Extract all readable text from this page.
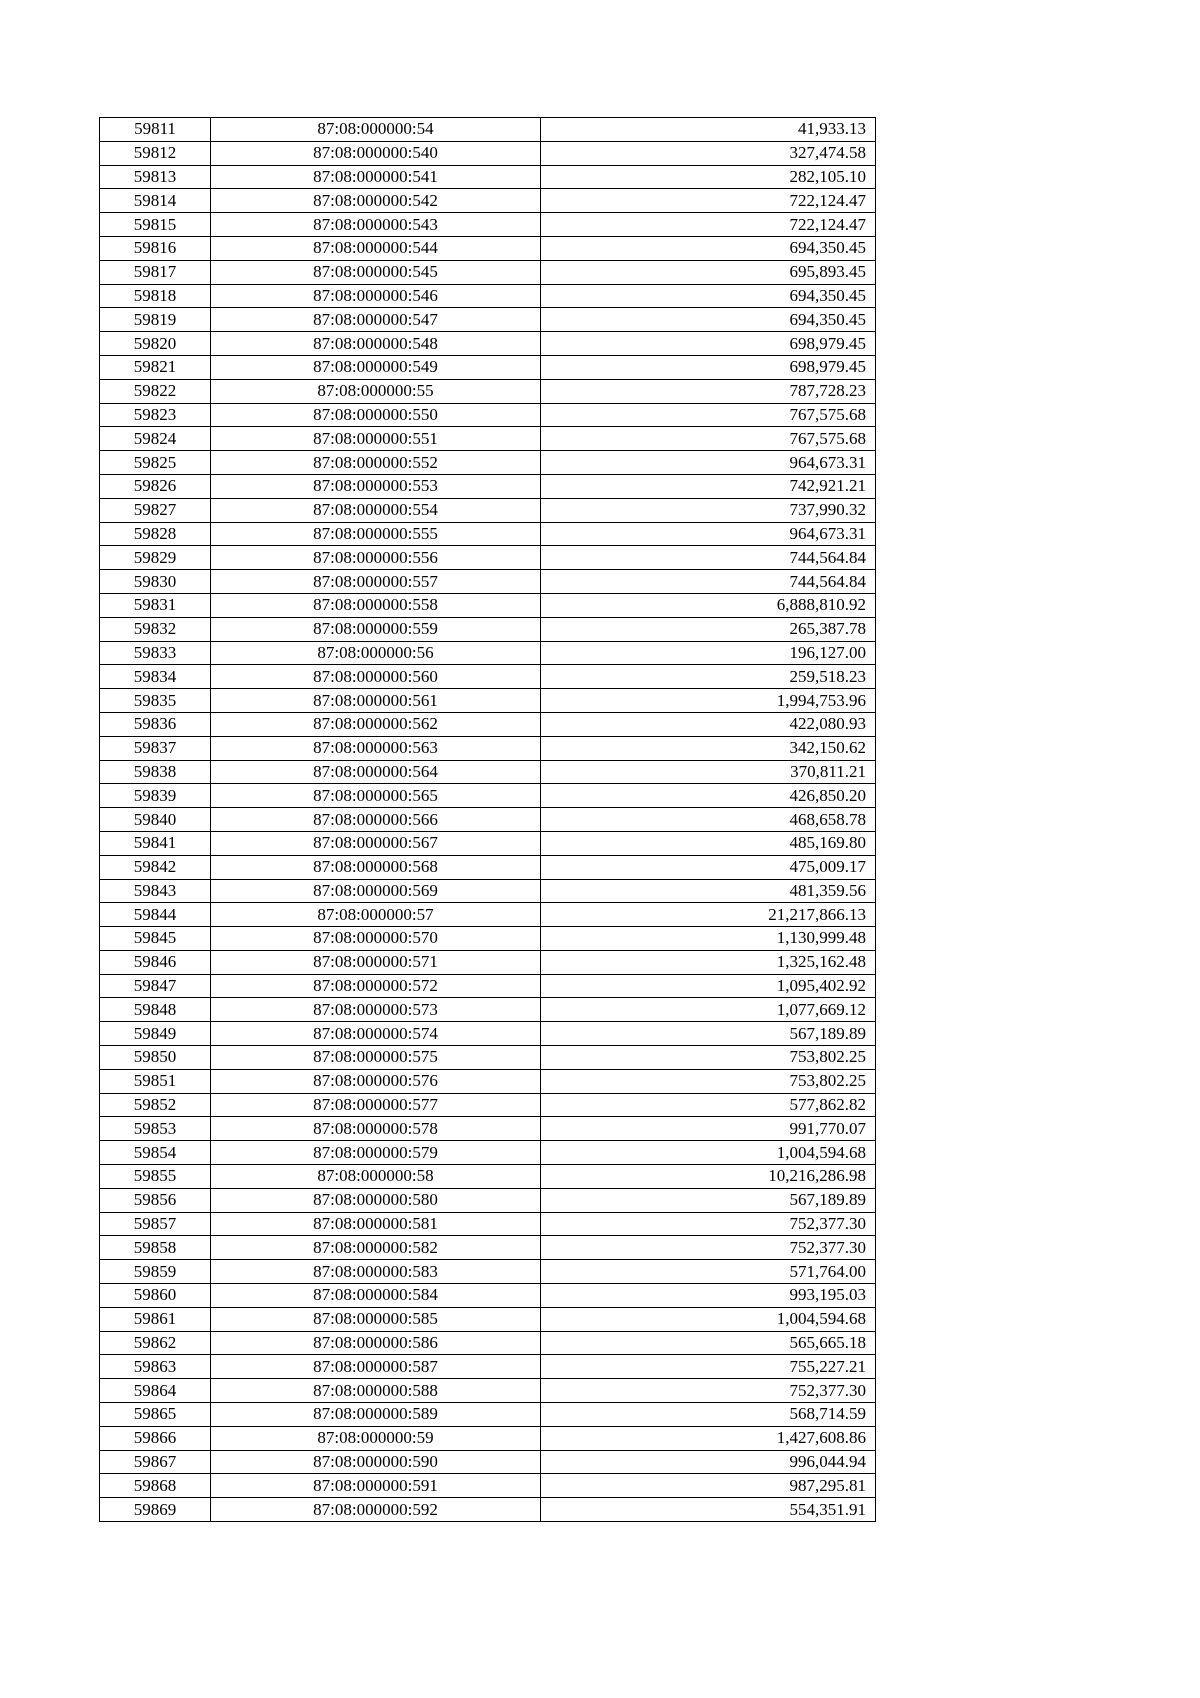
59811	87:08:000000:54	41,933.13
59812	87:08:000000:540	327,474.58
59813	87:08:000000:541	282,105.10
59814	87:08:000000:542	722,124.47
59815	87:08:000000:543	722,124.47
59816	87:08:000000:544	694,350.45
59817	87:08:000000:545	695,893.45
59818	87:08:000000:546	694,350.45
59819	87:08:000000:547	694,350.45
59820	87:08:000000:548	698,979.45
59821	87:08:000000:549	698,979.45
59822	87:08:000000:55	787,728.23
59823	87:08:000000:550	767,575.68
59824	87:08:000000:551	767,575.68
59825	87:08:000000:552	964,673.31
59826	87:08:000000:553	742,921.21
59827	87:08:000000:554	737,990.32
59828	87:08:000000:555	964,673.31
59829	87:08:000000:556	744,564.84
59830	87:08:000000:557	744,564.84
59831	87:08:000000:558	6,888,810.92
59832	87:08:000000:559	265,387.78
59833	87:08:000000:56	196,127.00
59834	87:08:000000:560	259,518.23
59835	87:08:000000:561	1,994,753.96
59836	87:08:000000:562	422,080.93
59837	87:08:000000:563	342,150.62
59838	87:08:000000:564	370,811.21
59839	87:08:000000:565	426,850.20
59840	87:08:000000:566	468,658.78
59841	87:08:000000:567	485,169.80
59842	87:08:000000:568	475,009.17
59843	87:08:000000:569	481,359.56
59844	87:08:000000:57	21,217,866.13
59845	87:08:000000:570	1,130,999.48
59846	87:08:000000:571	1,325,162.48
59847	87:08:000000:572	1,095,402.92
59848	87:08:000000:573	1,077,669.12
59849	87:08:000000:574	567,189.89
59850	87:08:000000:575	753,802.25
59851	87:08:000000:576	753,802.25
59852	87:08:000000:577	577,862.82
59853	87:08:000000:578	991,770.07
59854	87:08:000000:579	1,004,594.68
59855	87:08:000000:58	10,216,286.98
59856	87:08:000000:580	567,189.89
59857	87:08:000000:581	752,377.30
59858	87:08:000000:582	752,377.30
59859	87:08:000000:583	571,764.00
59860	87:08:000000:584	993,195.03
59861	87:08:000000:585	1,004,594.68
59862	87:08:000000:586	565,665.18
59863	87:08:000000:587	755,227.21
59864	87:08:000000:588	752,377.30
59865	87:08:000000:589	568,714.59
59866	87:08:000000:59	1,427,608.86
59867	87:08:000000:590	996,044.94
59868	87:08:000000:591	987,295.81
59869	87:08:000000:592	554,351.91
